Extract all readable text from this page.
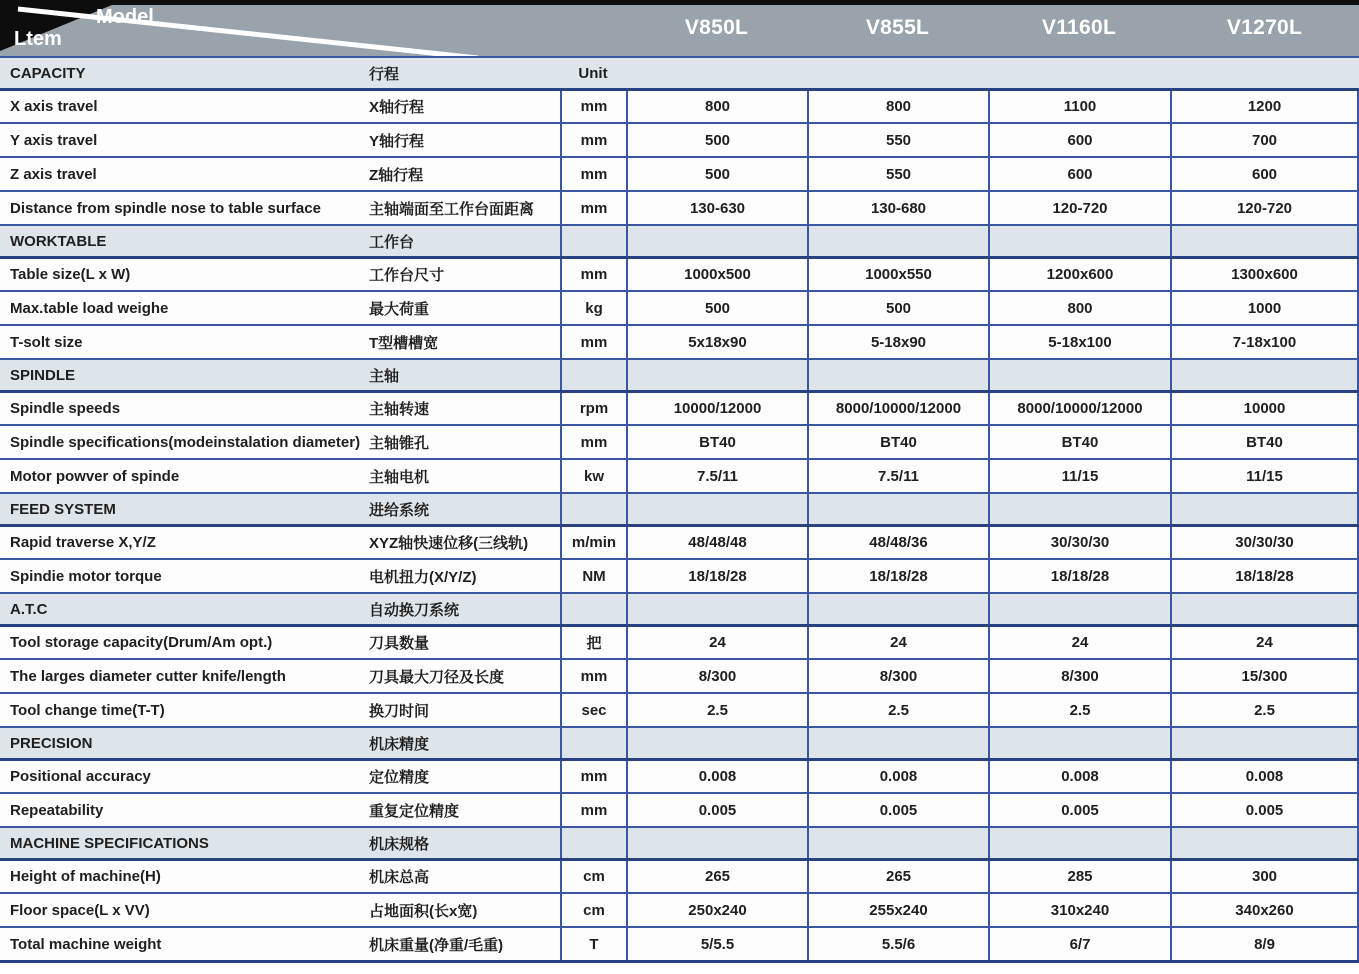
V850L	V855L	V1160L	V1270L
Model
Ltem
CAPACITY	行程	Unit
X axis travel	X轴行程	mm	800	800	1100	1200
Y axis travel	Y轴行程	mm	500	550	600	700
Z axis travel	Z轴行程	mm	500	550	600	600
Distance from spindle nose to table surface	主轴端面至工作台面距离	mm	130-630	130-680	120-720	120-720
WORKTABLE	工作台
Table size(L x W)	工作台尺寸	mm	1000x500	1000x550	1200x600	1300x600
Max.table load weighe	最大荷重	kg	500	500	800	1000
T-solt size	T型槽槽宽	mm	5x18x90	5-18x90	5-18x100	7-18x100
SPINDLE	主轴
Spindle speeds	主轴转速	rpm	10000/12000	8000/10000/12000	8000/10000/12000	10000
Spindle specifications(modeinstalation diameter) 主轴锥孔	mm	BT40	BT40	BT40	BT40
Motor powver of spinde	主轴电机	kw	7.5/11	7.5/11	11/15	11/15
FEED SYSTEM	进给系统
Rapid traverse X,Y/Z	XYZ轴快速位移(三线轨)	m/min	48/48/48	48/48/36	30/30/30	30/30/30
Spindie motor torque	电机扭力(X/Y/Z)	NM	18/18/28	18/18/28	18/18/28	18/18/28
A.T.C	自动换刀系统
Tool storage capacity(Drum/Am opt.)	刀具数量	把	24	24	24	24
The larges diameter cutter knife/length	刀具最大刀径及长度	mm	8/300	8/300	8/300	15/300
Tool change time(T-T)	换刀时间	sec	2.5	2.5	2.5	2.5
PRECISION	机床精度
Positional accuracy	定位精度	mm	0.008	0.008	0.008	0.008
Repeatability	重复定位精度	mm	0.005	0.005	0.005	0.005
MACHINE SPECIFICATIONS	机床规格
Height of machine(H)	机床总高	cm	265	265	285	300
Floor space(L x VV)	占地面积(长x宽)	cm	250x240	255x240	310x240	340x260
Total machine weight	机床重量(净重/毛重)	T	5/5.5	5.5/6	6/7	8/9
